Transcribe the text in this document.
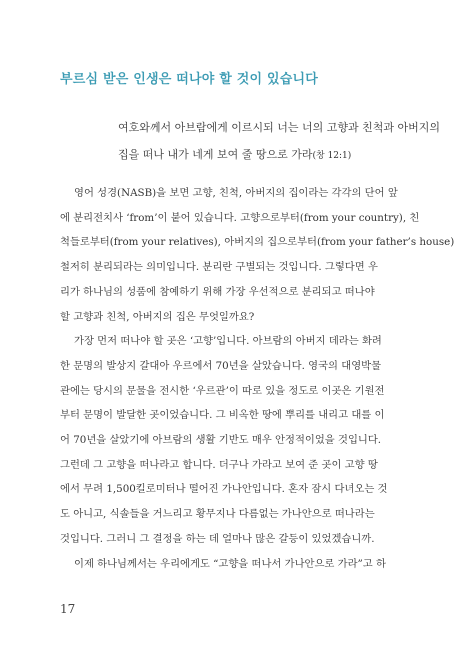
부르심 받은 인생은 떠나야 할 것이 있습니다
여호와께서 아브람에게 이르시되 너는 너의 고향과 친척과 아버지의
집을 떠나 내가 네게 보여 줄 땅으로 가라(창 12:1)
영어 성경(NASB)을 보면 고향, 친척, 아버지의 집이라는 각각의 단어 앞
에 분리전치사 ‘from’이 붙어 있습니다. 고향으로부터(from your country), 친
척들로부터(from your relatives), 아버지의 집으로부터(from your father’s house)
철저히 분리되라는 의미입니다. 분리란 구별되는 것입니다. 그렇다면 우
리가 하나님의 성품에 참예하기 위해 가장 우선적으로 분리되고 떠나야
할 고향과 친척, 아버지의 집은 무엇일까요?
가장 먼저 떠나야 할 곳은 ‘고향’입니다. 아브람의 아버지 데라는 화려
한 문명의 발상지 갈대아 우르에서 70년을 살았습니다. 영국의 대영박물
관에는 당시의 문물을 전시한 ‘우르관’이 따로 있을 정도로 이곳은 기원전
부터 문명이 발달한 곳이었습니다. 그 비옥한 땅에 뿌리를 내리고 대를 이
어 70년을 살았기에 아브람의 생활 기반도 매우 안정적이었을 것입니다.
그런데 그 고향을 떠나라고 합니다. 더구나 가라고 보여 준 곳이 고향 땅
에서 무려 1,500킬로미터나 떨어진 가나안입니다. 혼자 잠시 다녀오는 것
도 아니고, 식솔들을 거느리고 황무지나 다름없는 가나안으로 떠나라는
것입니다. 그러니 그 결정을 하는 데 얼마나 많은 갈등이 있었겠습니까.
이제 하나님께서는 우리에게도 “고향을 떠나서 가나안으로 가라”고 하
17
